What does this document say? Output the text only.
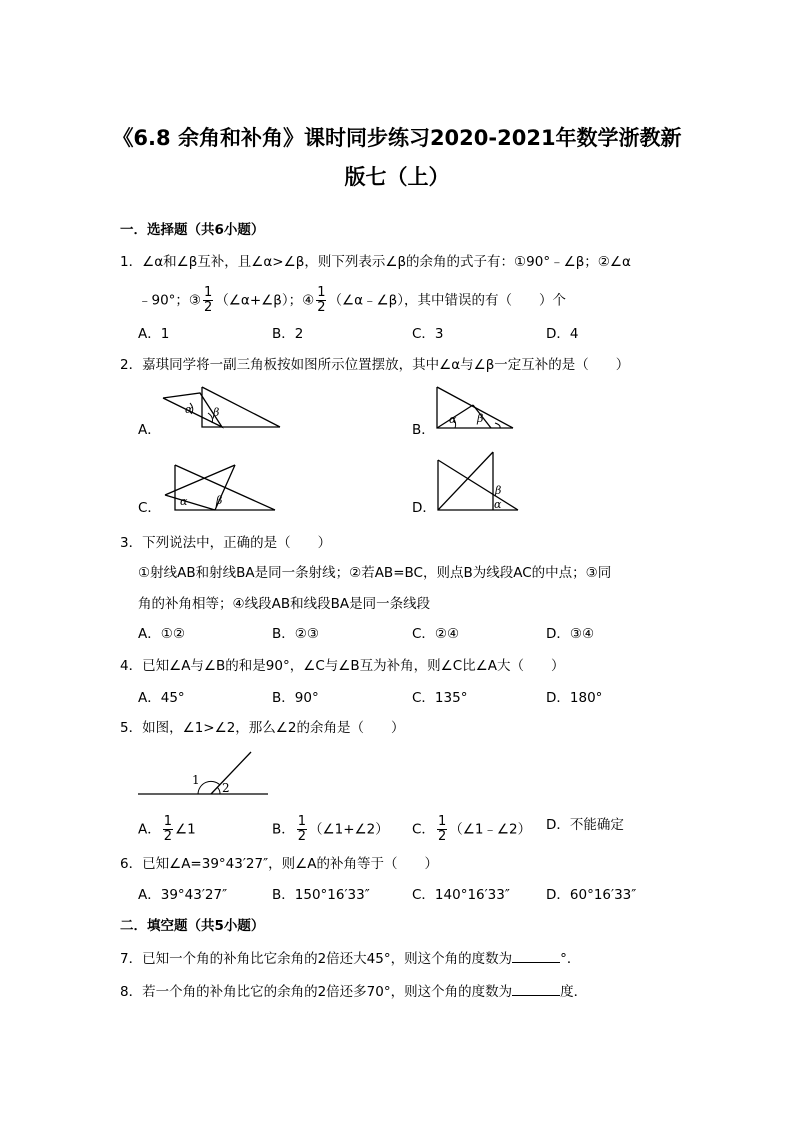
《6.8 余角和补角》课时同步练习2020-2021年数学浙教新
版七（上）
一．选择题（共6小题）
1．∠α和∠β互补，且∠α>∠β，则下列表示∠β的余角的式子有：①90°﹣∠β；②∠α
﹣90°；③ $\frac{1}{2}$ （∠α+∠β）；④ $\frac{1}{2}$ （∠α﹣∠β），其中错误的有（　　）个
A．1	B．2	C．3	D．4
2．嘉琪同学将一副三角板按如图所示位置摆放，其中∠α与∠β一定互补的是（　　）
A．
α β
B．
α β
C． α	β	D．
β
α
3．下列说法中，正确的是（　　）
①射线AB和射线BA是同一条射线；②若AB=BC，则点B为线段AC的中点；③同
角的补角相等；④线段AB和线段BA是同一条线段
A．①②	B．②③	C．②④	D．③④
4．已知∠A与∠B的和是90°，∠C与∠B互为补角，则∠C比∠A大（　　）
A．45°	B．90°	C．135°	D．180°
5．如图，∠1>∠2，那么∠2的余角是（　　）
1
2
A． $\frac{1}{2}$ ∠1	B． $\frac{1}{2}$ （∠1+∠2） C． $\frac{1}{2}$ （∠1﹣∠2） D．不能确定
6．已知∠A=39°43′27″，则∠A的补角等于（　　）
A．39°43′27″	B．150°16′33″	C．140°16′33″	D．60°16′33″
二．填空题（共5小题）
7．已知一个角的补角比它余角的2倍还大45°，则这个角的度数为	°．
8．若一个角的补角比它的余角的2倍还多70°，则这个角的度数为	度．
